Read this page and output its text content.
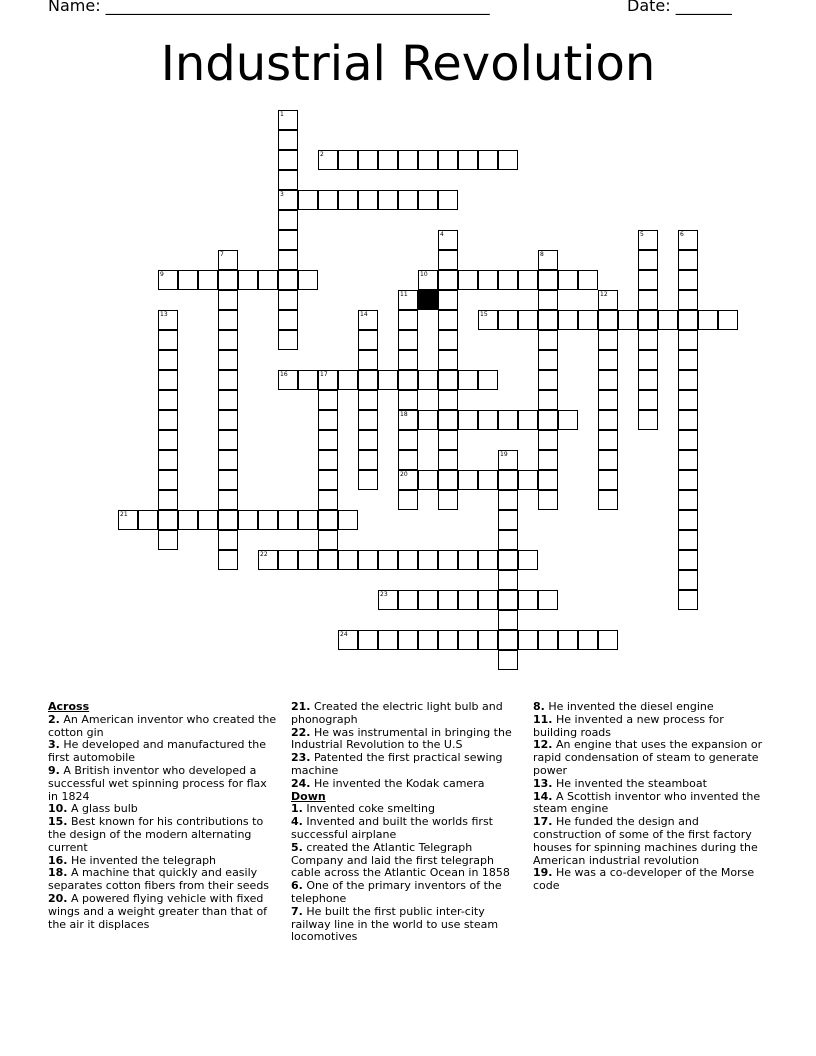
Name: ________________________________________________	Date: _______
Industrial Revolution
1
3
2
4	5	6
7	8
9	10
11
18
20
12
13	14	15
16	17
19
21
22
23
24
Across
2. An American inventor who created the cotton gin
3. He developed and manufactured the first automobile
9. A British inventor who developed a successful wet spinning process for flax in 1824
10. A glass bulb
15. Best known for his contributions to the design of the modern alternating current
16. He invented the telegraph
18. A machine that quickly and easily separates cotton fibers from their seeds
20. A powered flying vehicle with fixed wings and a weight greater than that of the air it displaces
21. Created the electric light bulb and phonograph
22. He was instrumental in bringing the Industrial Revolution to the U.S
23. Patented the first practical sewing machine
24. He invented the Kodak camera
Down
1. Invented coke smelting
4. Invented and built the worlds first successful airplane
5. created the Atlantic Telegraph Company and laid the first telegraph cable across the Atlantic Ocean in 1858
6. One of the primary inventors of the telephone
7. He built the first public inter-city railway line in the world to use steam locomotives
8. He invented the diesel engine
11. He invented a new process for building roads
12. An engine that uses the expansion or rapid condensation of steam to generate power
13. He invented the steamboat
14. A Scottish inventor who invented the steam engine
17. He funded the design and construction of some of the first factory houses for spinning machines during the American industrial revolution
19. He was a co-developer of the Morse code
